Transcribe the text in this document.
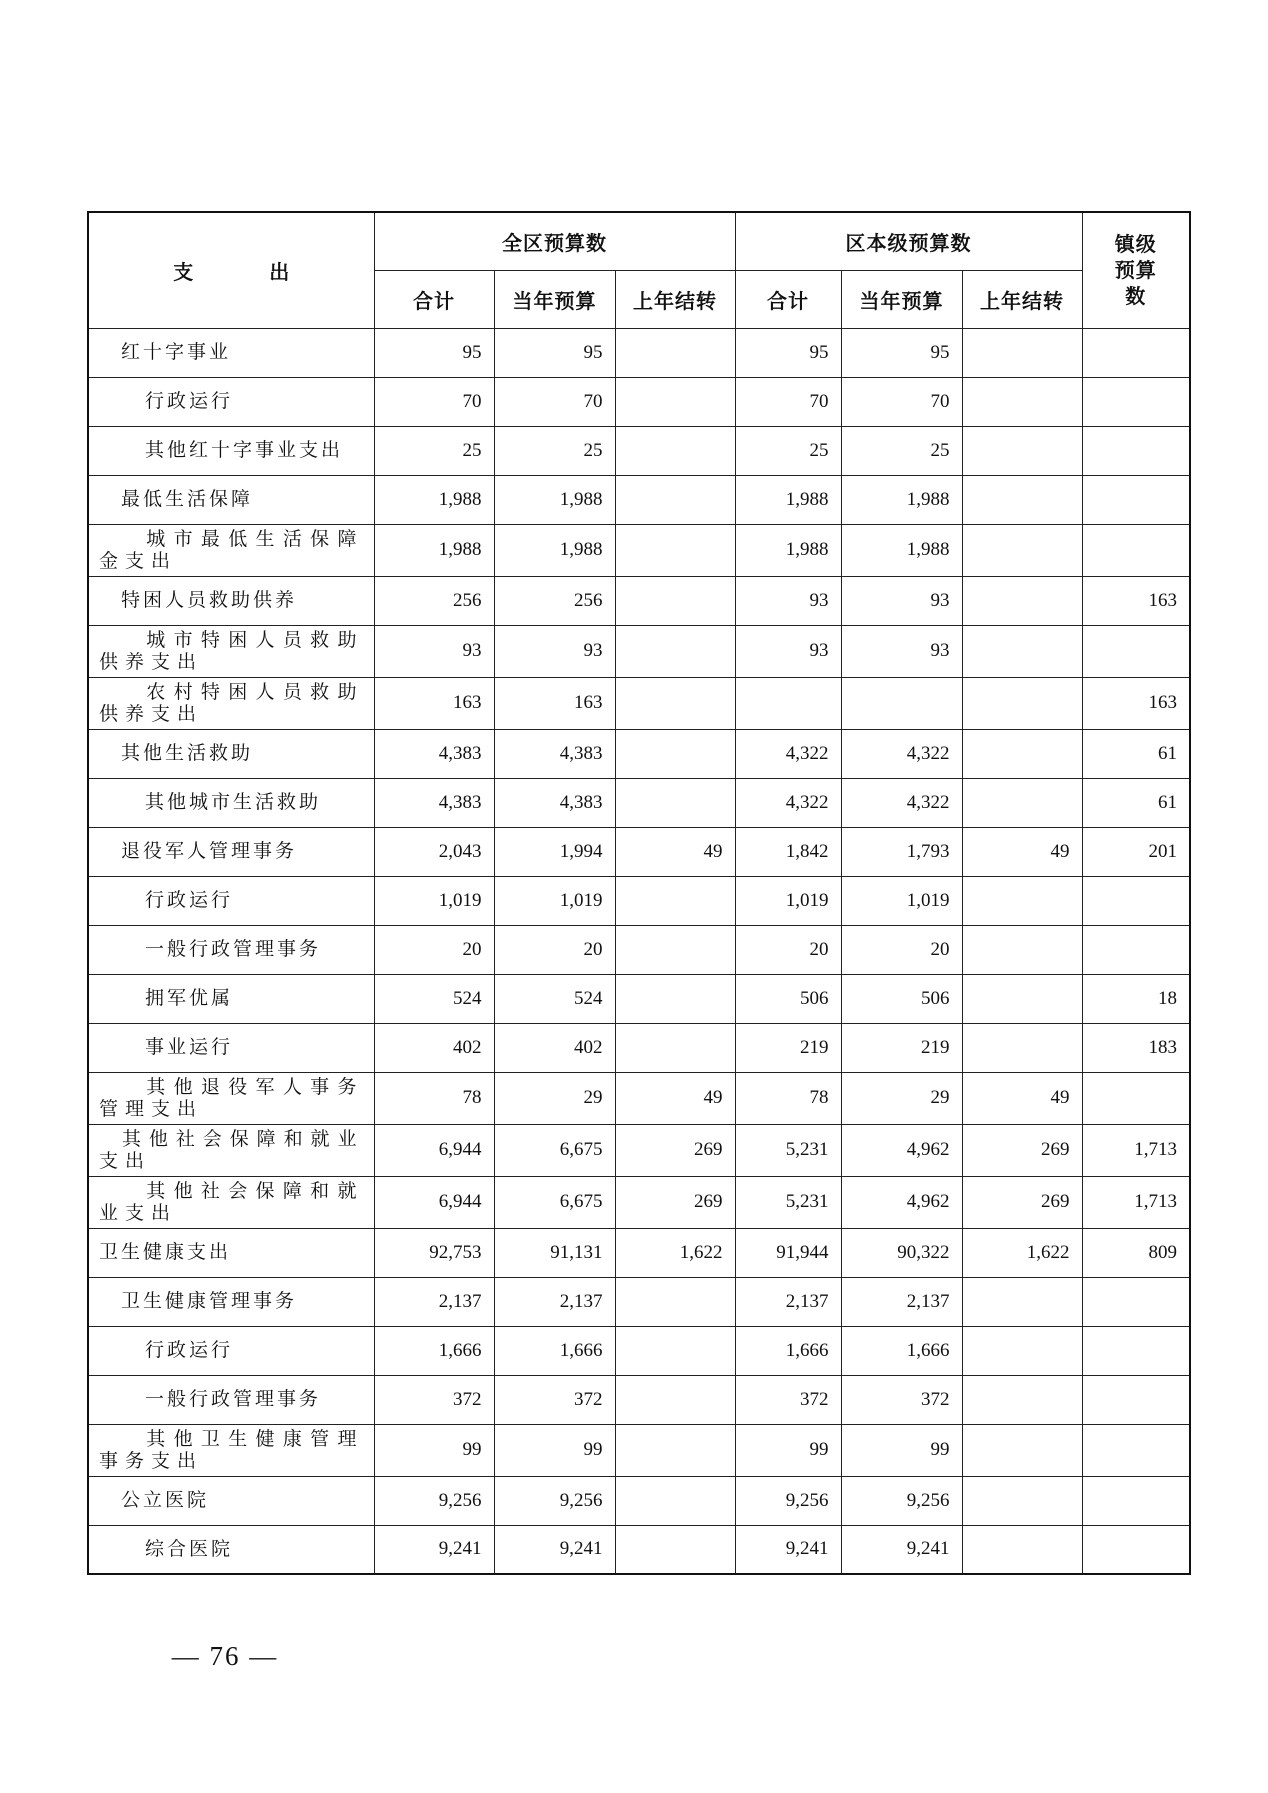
支　出	全区预算数			区本级预算数			镇级预算数
	合计	当年预算	上年结转	合计	当年预算	上年结转	
红十字事业	95	95		95	95		
行政运行	70	70		70	70		
其他红十字事业支出	25	25		25	25		
最低生活保障	1,988	1,988		1,988	1,988		
城市最低生活保障金支出	1,988	1,988		1,988	1,988		
特困人员救助供养	256	256		93	93		163
城市特困人员救助供养支出	93	93		93	93		
农村特困人员救助供养支出	163	163					163
其他生活救助	4,383	4,383		4,322	4,322		61
其他城市生活救助	4,383	4,383		4,322	4,322		61
退役军人管理事务	2,043	1,994	49	1,842	1,793	49	201
行政运行	1,019	1,019		1,019	1,019		
一般行政管理事务	20	20		20	20		
拥军优属	524	524		506	506		18
事业运行	402	402		219	219		183
其他退役军人事务管理支出	78	29	49	78	29	49	
其他社会保障和就业支出	6,944	6,675	269	5,231	4,962	269	1,713
其他社会保障和就业支出	6,944	6,675	269	5,231	4,962	269	1,713
卫生健康支出	92,753	91,131	1,622	91,944	90,322	1,622	809
卫生健康管理事务	2,137	2,137		2,137	2,137		
行政运行	1,666	1,666		1,666	1,666		
一般行政管理事务	372	372		372	372		
其他卫生健康管理事务支出	99	99		99	99		
公立医院	9,256	9,256		9,256	9,256		
综合医院	9,241	9,241		9,241	9,241		
— 76 —
